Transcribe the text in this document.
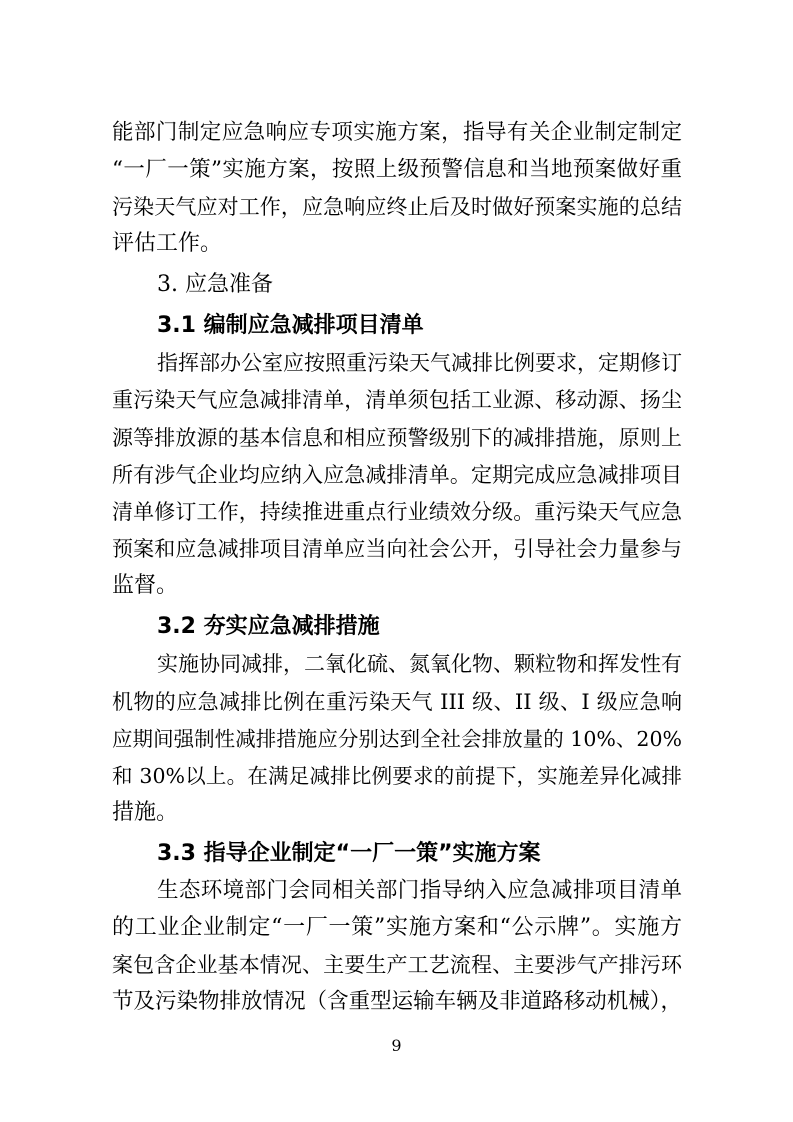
能部门制定应急响应专项实施方案，指导有关企业制定制定
“一厂一策”实施方案，按照上级预警信息和当地预案做好重
污染天气应对工作，应急响应终止后及时做好预案实施的总结
评估工作。
3. 应急准备
3.1 编制应急减排项目清单
指挥部办公室应按照重污染天气减排比例要求，定期修订
重污染天气应急减排清单，清单须包括工业源、移动源、扬尘
源等排放源的基本信息和相应预警级别下的减排措施，原则上
所有涉气企业均应纳入应急减排清单。定期完成应急减排项目
清单修订工作，持续推进重点行业绩效分级。重污染天气应急
预案和应急减排项目清单应当向社会公开，引导社会力量参与
监督。
3.2 夯实应急减排措施
实施协同减排，二氧化硫、氮氧化物、颗粒物和挥发性有
机物的应急减排比例在重污染天气 III 级、II 级、I 级应急响
应期间强制性减排措施应分别达到全社会排放量的 10%、20%
和 30%以上。在满足减排比例要求的前提下，实施差异化减排
措施。
3.3 指导企业制定“一厂一策”实施方案
生态环境部门会同相关部门指导纳入应急减排项目清单
的工业企业制定“一厂一策”实施方案和“公示牌”。实施方
案包含企业基本情况、主要生产工艺流程、主要涉气产排污环
节及污染物排放情况（含重型运输车辆及非道路移动机械），
9
